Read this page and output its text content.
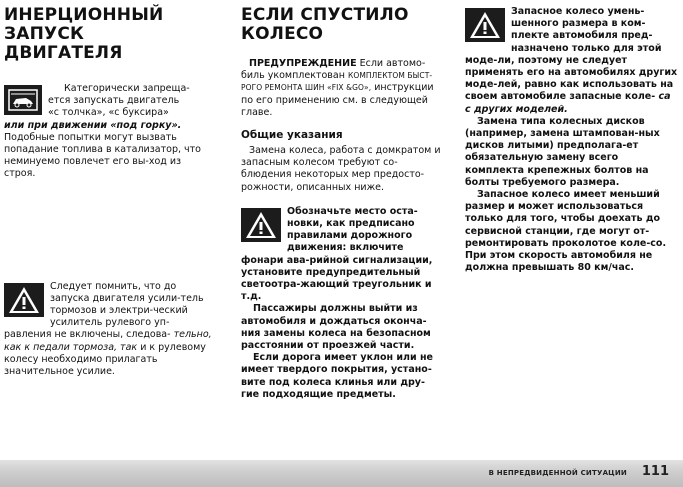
ИНЕРЦИОННЫЙ
ЗАПУСК
ДВИГАТЕЛЯ

Категорически запреща-

ется запускать двигатель

«с толчка», «с буксира»

или при движении «под горку».

Подобные попытки могут вызвать попадание топлива в катализатор, что неминуемо повлечет его вы-ход из строя.

Следует помнить, что до запуска двигателя усили-тель тормозов и электри-ческий усилитель рулевого уп-равления не включены, следова- тельно, как к педали тормоза, так и к рулевому колесу необходимо прилагать значительное усилие.

ЕСЛИ СПУСТИЛО
КОЛЕСО

ПРЕДУПРЕЖДЕНИЕ Если автомо-биль укомплектован КОМПЛЕКТОМ БЫСТ-РОГО РЕМОНТА ШИН «FIX &GO», инструкции по его применению см. в следующей главе.

Общие указания

Замена колеса, работа с домкратом и запасным колесом требуют со-блюдения некоторых мер предосто-рожности, описанных ниже.

Обозначьте место оста-новки, как предписано правилами дорожного движения: включите фонари ава-рийной сигнализации, установите предупредительный светоотра-жающий треугольник и т.д.

Пассажиры должны выйти из автомобиля и дождаться оконча-ния замены колеса на безопасном расстоянии от проезжей части.

Если дорога имеет уклон или не имеет твердого покрытия, устано-вите под колеса клинья или дру-гие подходящие предметы.

Запасное колесо умень-шенного размера в ком-плекте автомобиля пред-назначено только для этой моде-ли, поэтому не следует применять его на автомобилях других моде-лей, равно как использовать на своем автомобиле запасные коле- са с других моделей.

Замена типа колесных дисков (например, замена штампован-ных дисков литыми) предполага-ет обязательную замену всего комплекта крепежных болтов на болты требуемого размера.

Запасное колесо имеет меньший размер и может использоваться только для того, чтобы доехать до сервисной станции, где могут от-ремонтировать проколотое коле-со. При этом скорость автомобиля не должна превышать 80 км/час.

В НЕПРЕДВИДЕННОЙ СИТУАЦИИ 111
